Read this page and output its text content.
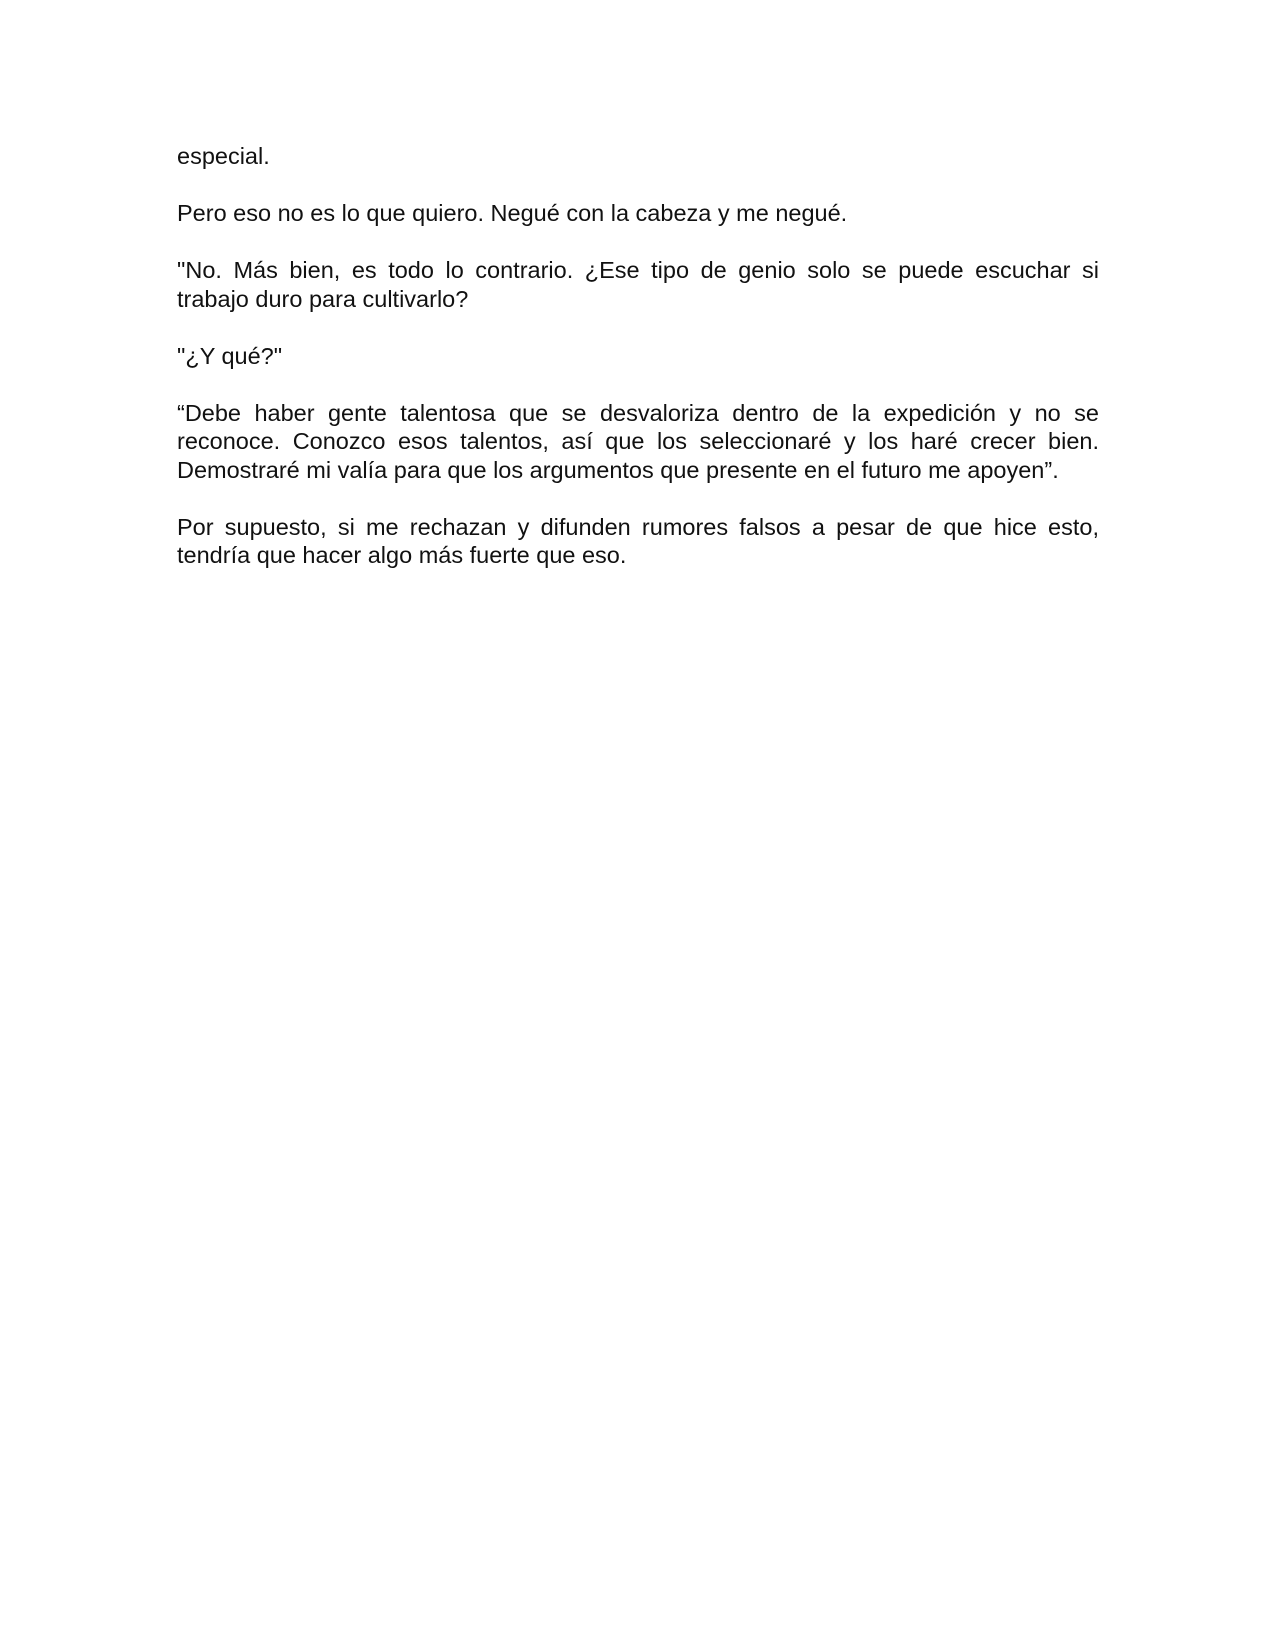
especial.

Pero eso no es lo que quiero. Negué con la cabeza y me negué.

"No. Más bien, es todo lo contrario. ¿Ese tipo de genio solo se puede escuchar si trabajo duro para cultivarlo?

"¿Y qué?"

“Debe haber gente talentosa que se desvaloriza dentro de la expedición y no se reconoce. Conozco esos talentos, así que los seleccionaré y los haré crecer bien. Demostraré mi valía para que los argumentos que presente en el futuro me apoyen”.

Por supuesto, si me rechazan y difunden rumores falsos a pesar de que hice esto, tendría que hacer algo más fuerte que eso.
